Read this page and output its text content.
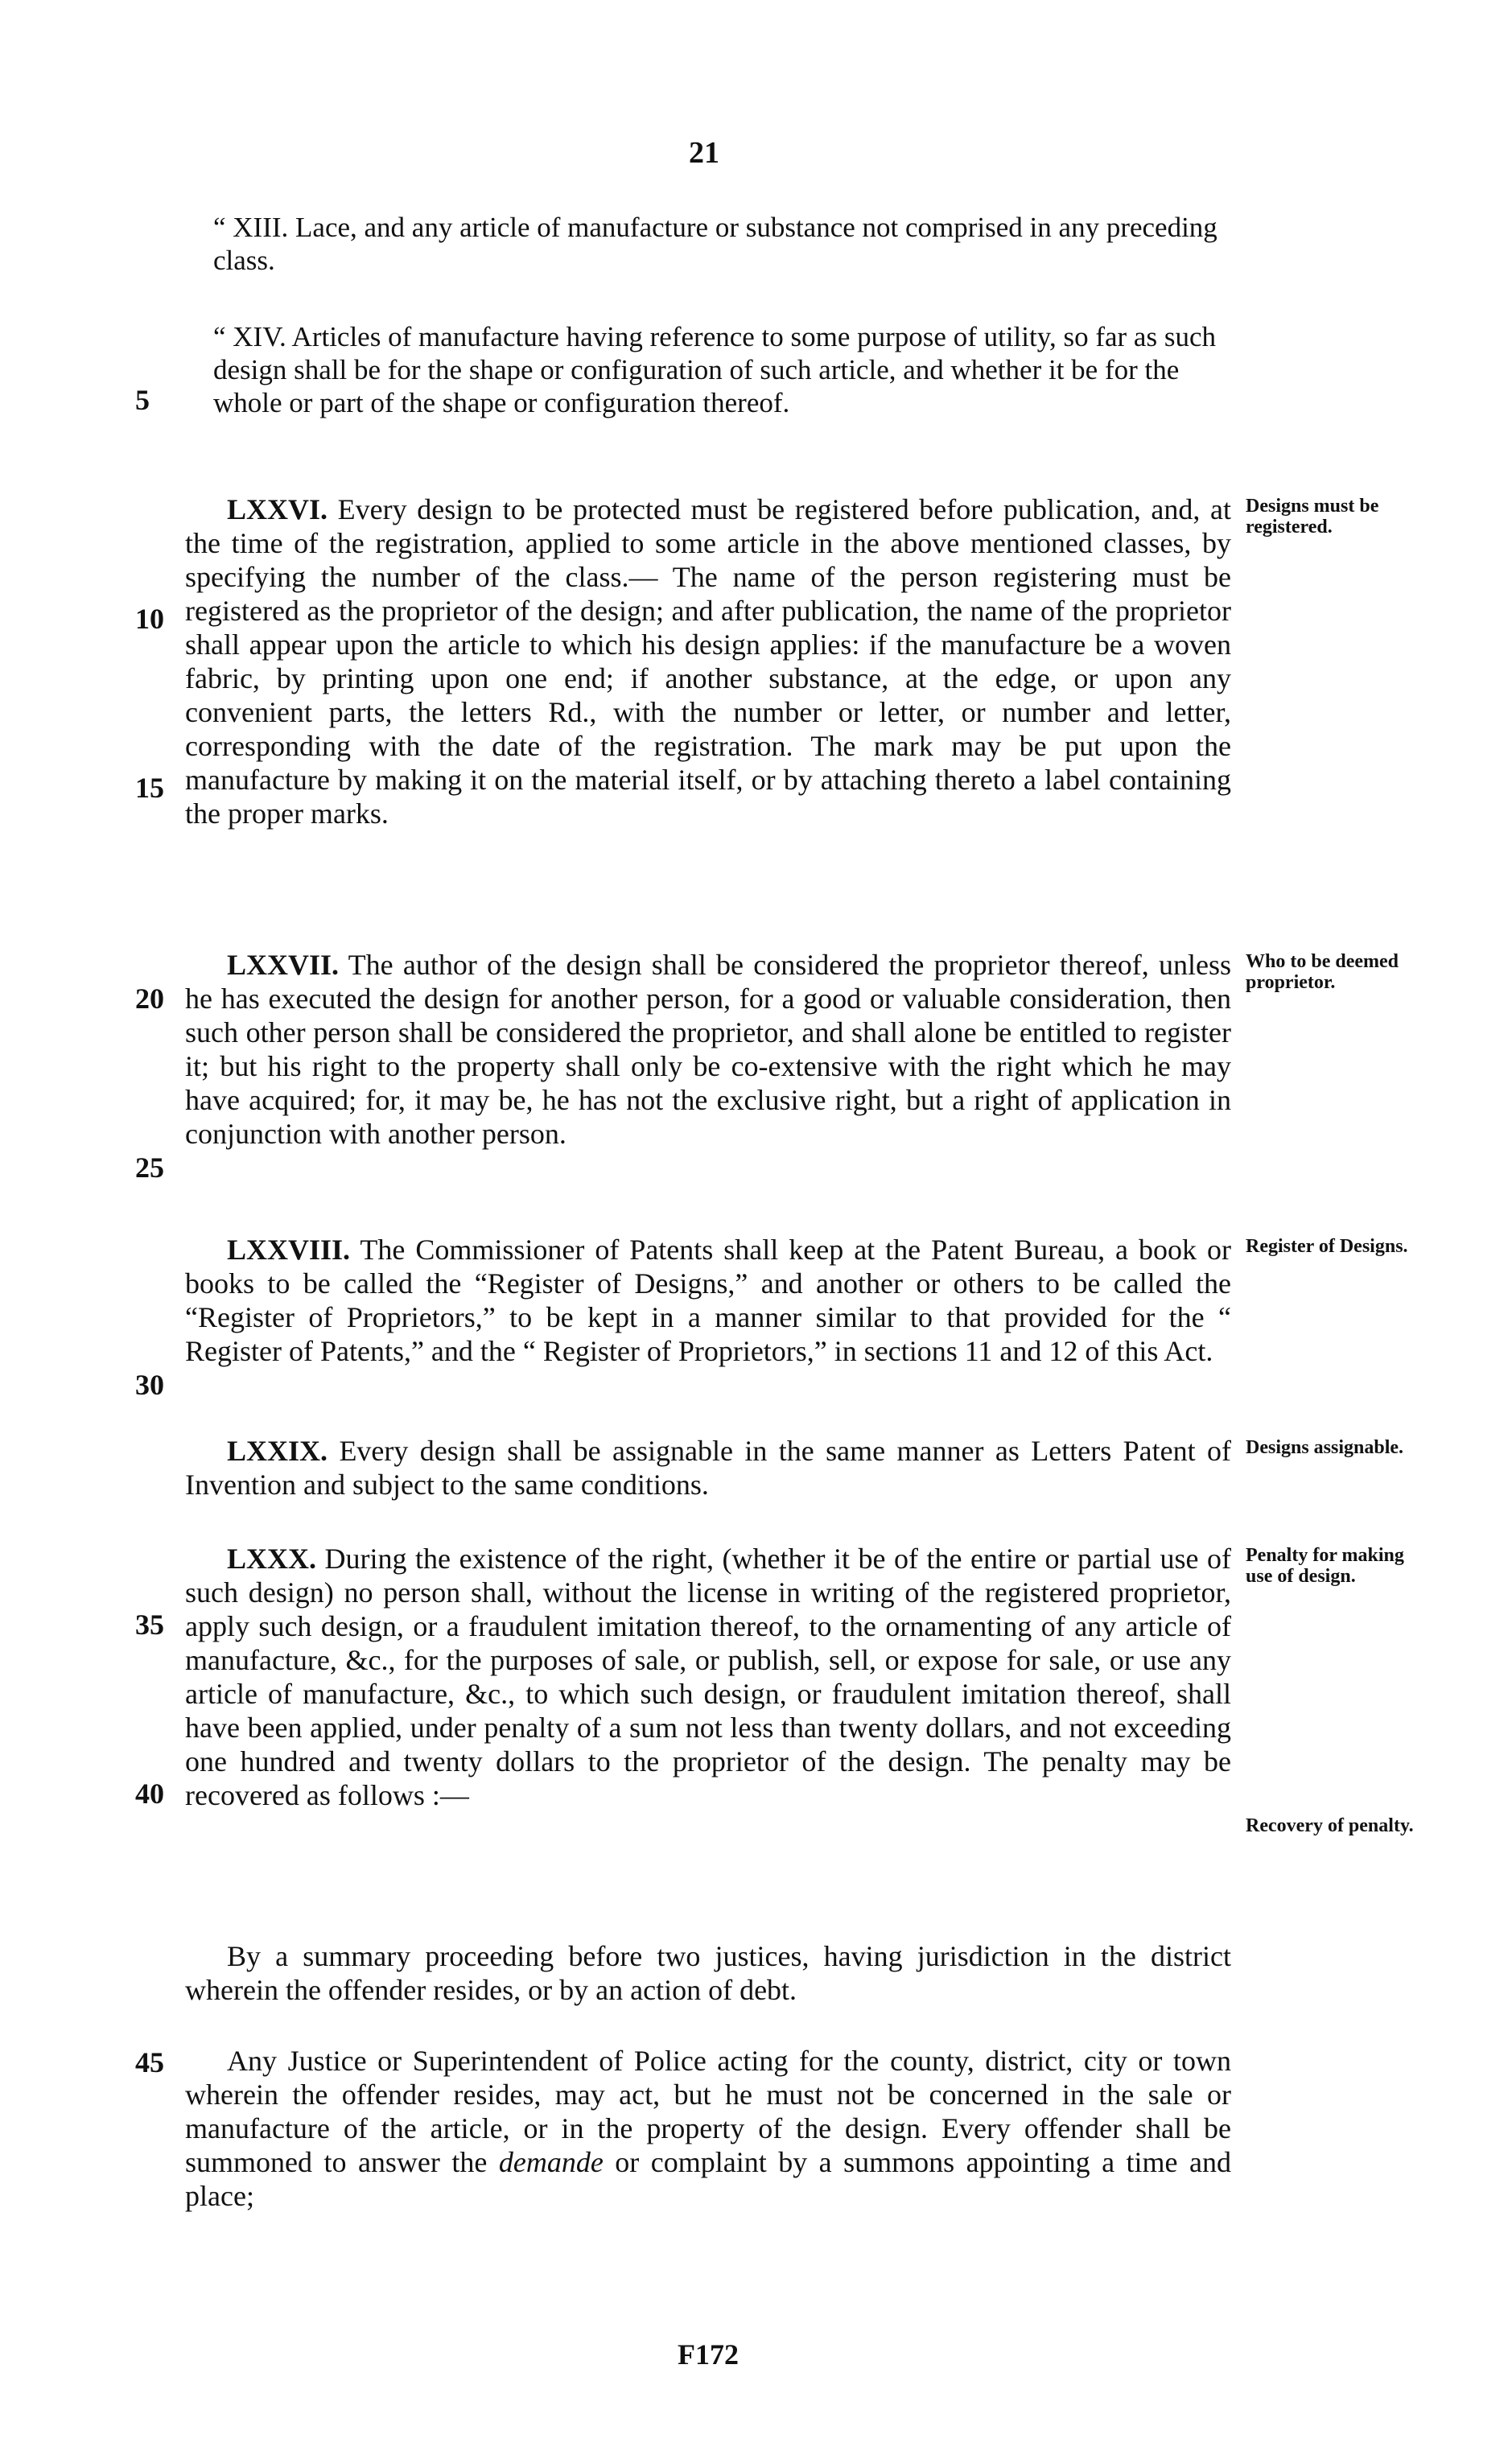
21
“ XIII. Lace, and any article of manufacture or substance not comprised in any preceding class.
“ XIV. Articles of manufacture having reference to some purpose of utility, so far as such design shall be for the shape or configuration of such article, and whether it be for the whole or part of the shape or configuration thereof.
LXXVI. Every design to be protected must be registered before publication, and, at the time of the registration, applied to some article in the above mentioned classes, by specifying the number of the class.— The name of the person registering must be registered as the proprietor of the design; and after publication, the name of the proprietor shall appear upon the article to which his design applies: if the manufacture be a woven fabric, by printing upon one end; if another substance, at the edge, or upon any convenient parts, the letters Rd., with the number or letter, or number and letter, corresponding with the date of the registration. The mark may be put upon the manufacture by making it on the material itself, or by attaching thereto a label containing the proper marks.
LXXVII. The author of the design shall be considered the proprietor thereof, unless he has executed the design for another person, for a good or valuable consideration, then such other person shall be considered the proprietor, and shall alone be entitled to register it; but his right to the property shall only be co-extensive with the right which he may have acquired; for, it may be, he has not the exclusive right, but a right of application in conjunction with another person.
LXXVIII. The Commissioner of Patents shall keep at the Patent Bureau, a book or books to be called the “Register of Designs,” and another or others to be called the “Register of Proprietors,” to be kept in a manner similar to that provided for the “ Register of Patents,” and the “ Register of Proprietors,” in sections 11 and 12 of this Act.
LXXIX. Every design shall be assignable in the same manner as Letters Patent of Invention and subject to the same conditions.
LXXX. During the existence of the right, (whether it be of the entire or partial use of such design) no person shall, without the license in writing of the registered proprietor, apply such design, or a fraudulent imitation thereof, to the ornamenting of any article of manufacture, &c., for the purposes of sale, or publish, sell, or expose for sale, or use any article of manufacture, &c., to which such design, or fraudulent imitation thereof, shall have been applied, under penalty of a sum not less than twenty dollars, and not exceeding one hundred and twenty dollars to the proprietor of the design. The penalty may be recovered as follows :—
By a summary proceeding before two justices, having jurisdiction in the district wherein the offender resides, or by an action of debt.
Any Justice or Superintendent of Police acting for the county, district, city or town wherein the offender resides, may act, but he must not be concerned in the sale or manufacture of the article, or in the property of the design. Every offender shall be summoned to answer the demande or complaint by a summons appointing a time and place;
5
10
15
20
25
30
35
40
45
Designs must be registered.
Who to be deemed proprietor.
Register of Designs.
Designs assignable.
Penalty for making use of design.
Recovery of penalty.
F172
